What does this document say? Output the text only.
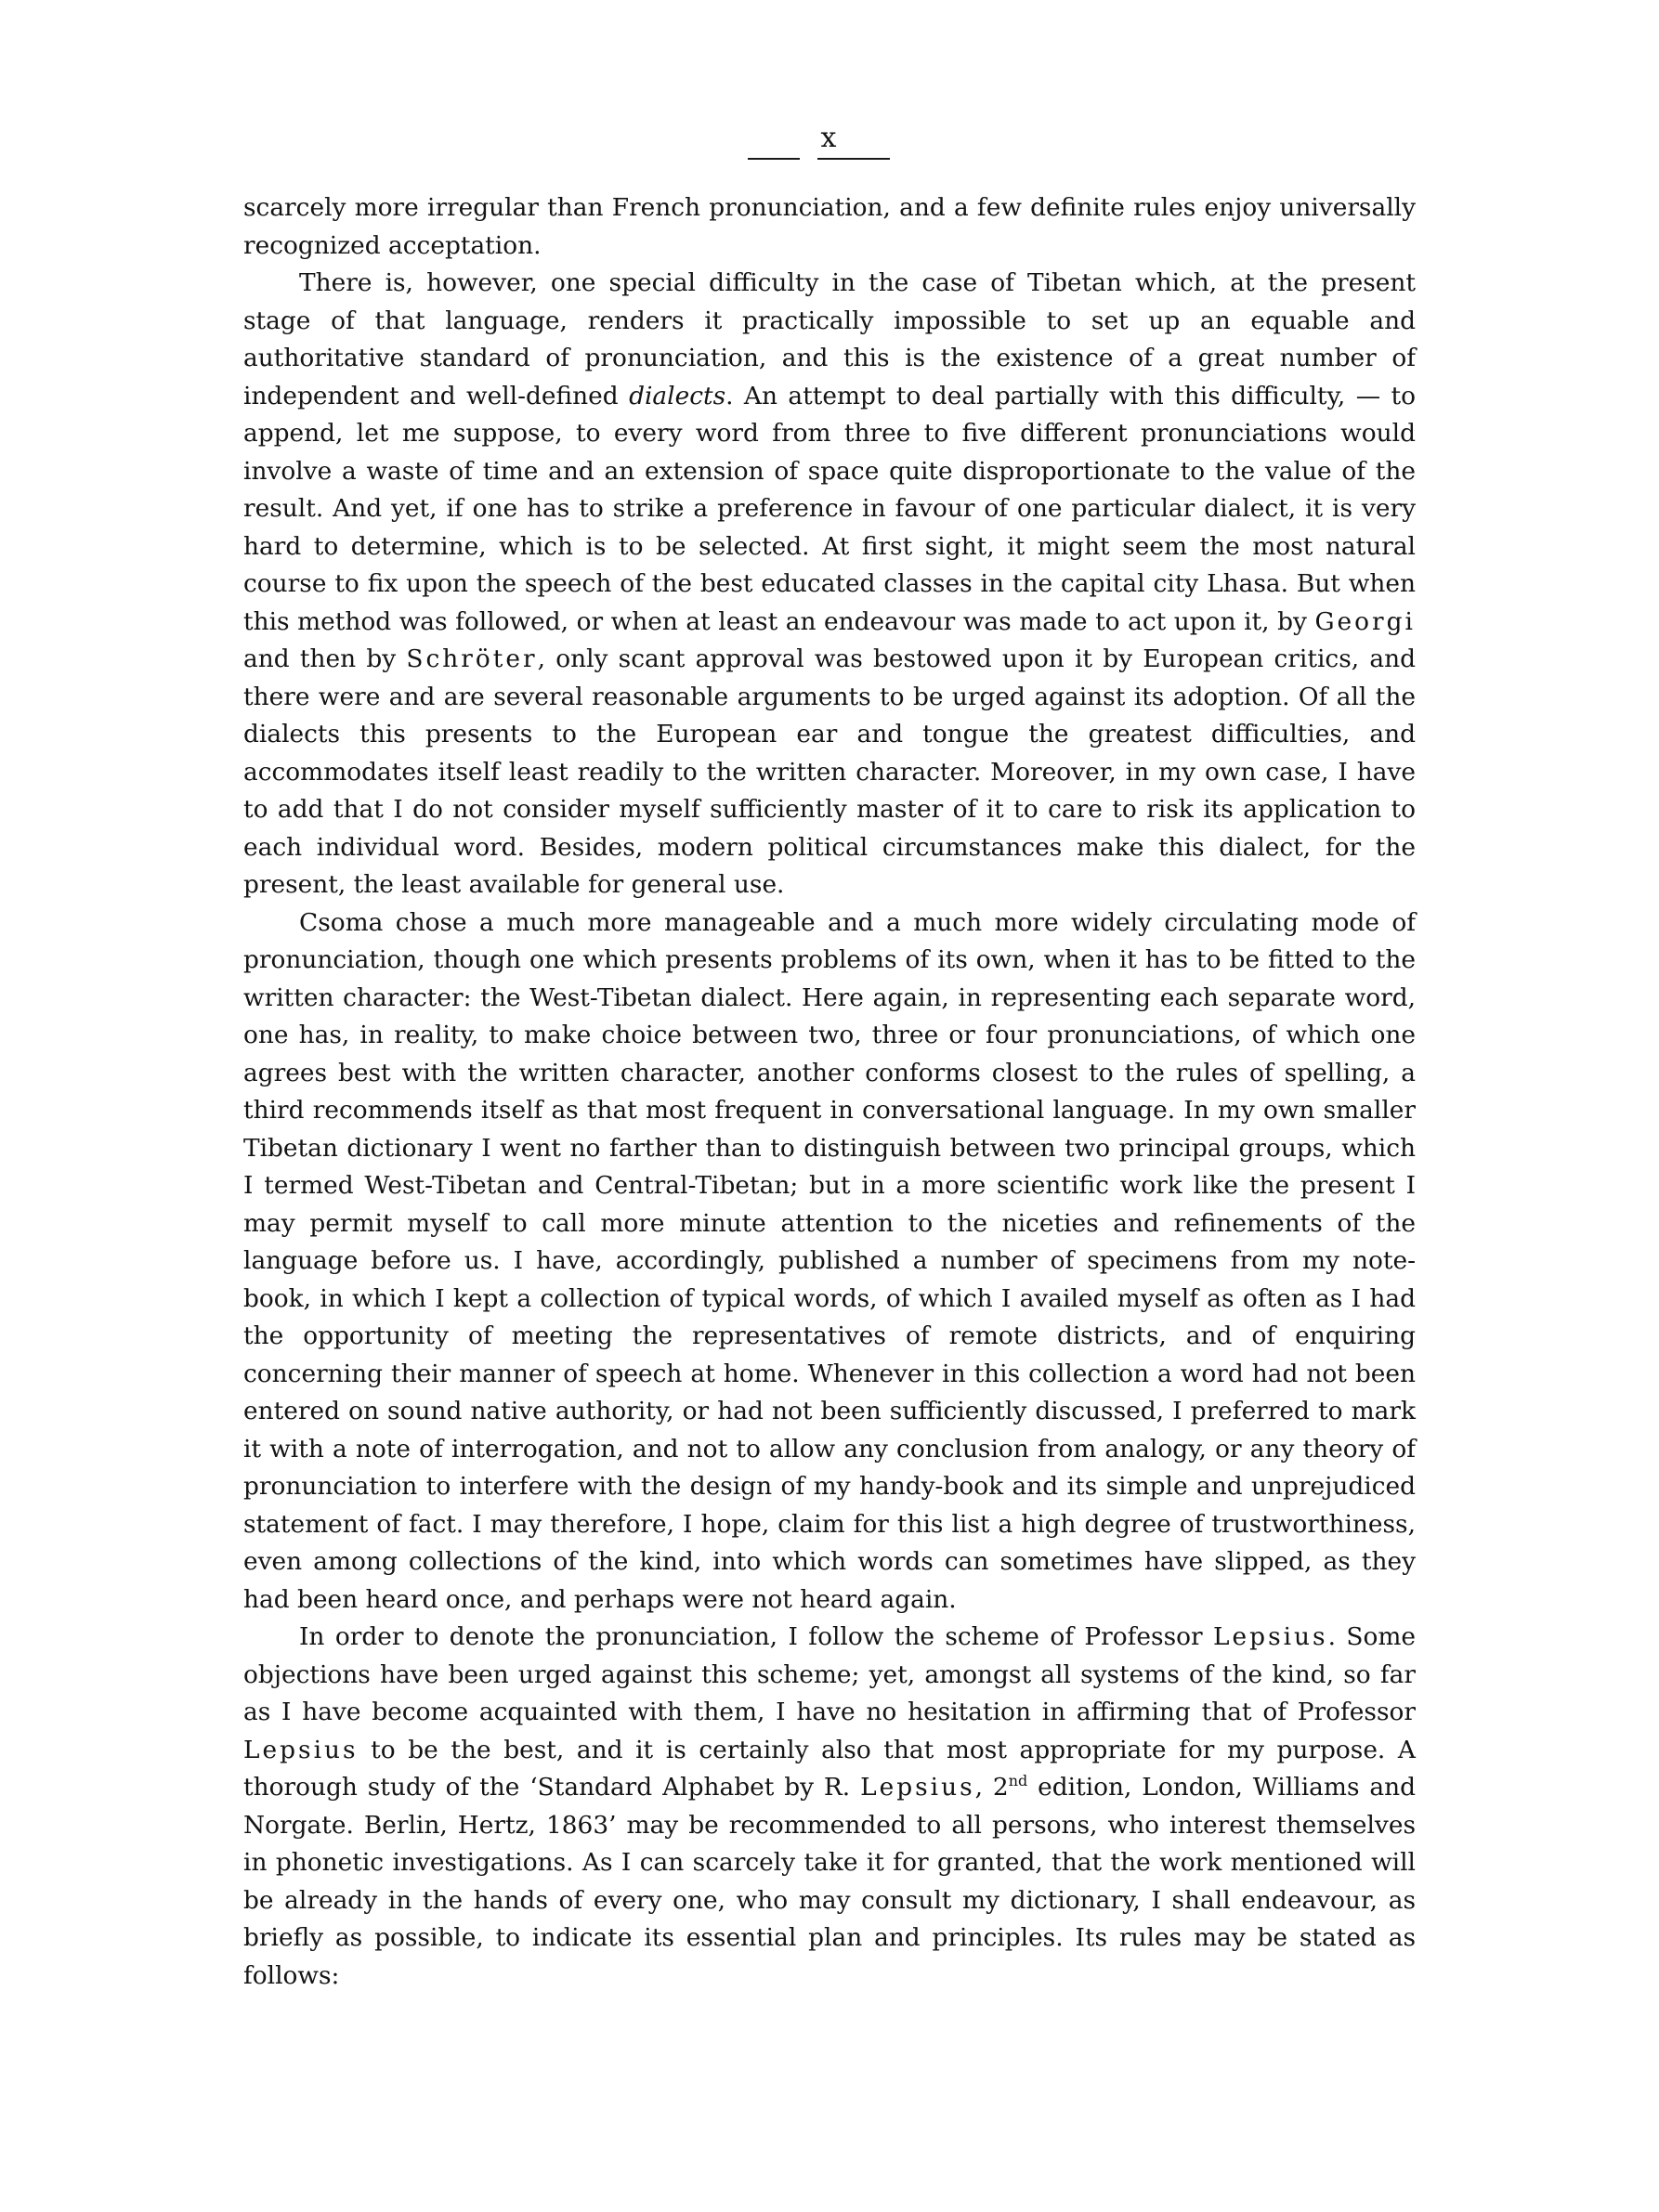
x

scarcely more irregular than French pronunciation, and a few definite rules enjoy universally recognized acceptation.

There is, however, one special difficulty in the case of Tibetan which, at the present stage of that language, renders it practically impossible to set up an equable and authoritative standard of pronunciation, and this is the existence of a great number of independent and well-defined dialects. An attempt to deal partially with this difficulty, — to append, let me suppose, to every word from three to five different pronunciations would involve a waste of time and an extension of space quite disproportionate to the value of the result. And yet, if one has to strike a preference in favour of one particular dialect, it is very hard to determine, which is to be selected. At first sight, it might seem the most natural course to fix upon the speech of the best educated classes in the capital city Lhasa. But when this method was followed, or when at least an endeavour was made to act upon it, by Georgi and then by Schröter, only scant approval was bestowed upon it by European critics, and there were and are several reasonable arguments to be urged against its adoption. Of all the dialects this presents to the European ear and tongue the greatest difficulties, and accommodates itself least readily to the written character. Moreover, in my own case, I have to add that I do not consider myself sufficiently master of it to care to risk its application to each individual word. Besides, modern political circumstances make this dialect, for the present, the least available for general use.

Csoma chose a much more manageable and a much more widely circulating mode of pronunciation, though one which presents problems of its own, when it has to be fitted to the written character: the West-Tibetan dialect. Here again, in representing each separate word, one has, in reality, to make choice between two, three or four pronunciations, of which one agrees best with the written character, another conforms closest to the rules of spelling, a third recommends itself as that most frequent in conversational language. In my own smaller Tibetan dictionary I went no farther than to distinguish between two principal groups, which I termed West-Tibetan and Central-Tibetan; but in a more scientific work like the present I may permit myself to call more minute attention to the niceties and refinements of the language before us. I have, accordingly, published a number of specimens from my note-book, in which I kept a collection of typical words, of which I availed myself as often as I had the opportunity of meeting the representatives of remote districts, and of enquiring concerning their manner of speech at home. Whenever in this collection a word had not been entered on sound native authority, or had not been sufficiently discussed, I preferred to mark it with a note of interrogation, and not to allow any conclusion from analogy, or any theory of pronunciation to interfere with the design of my handy-book and its simple and unprejudiced statement of fact. I may therefore, I hope, claim for this list a high degree of trustworthiness, even among collections of the kind, into which words can sometimes have slipped, as they had been heard once, and perhaps were not heard again.

In order to denote the pronunciation, I follow the scheme of Professor Lepsius. Some objections have been urged against this scheme; yet, amongst all systems of the kind, so far as I have become acquainted with them, I have no hesitation in affirming that of Professor Lepsius to be the best, and it is certainly also that most appropriate for my purpose. A thorough study of the ‘Standard Alphabet by R. Lepsius, 2nd edition, London, Williams and Norgate. Berlin, Hertz, 1863’ may be recommended to all persons, who interest themselves in phonetic investigations. As I can scarcely take it for granted, that the work mentioned will be already in the hands of every one, who may consult my dictionary, I shall endeavour, as briefly as possible, to indicate its essential plan and principles. Its rules may be stated as follows:
